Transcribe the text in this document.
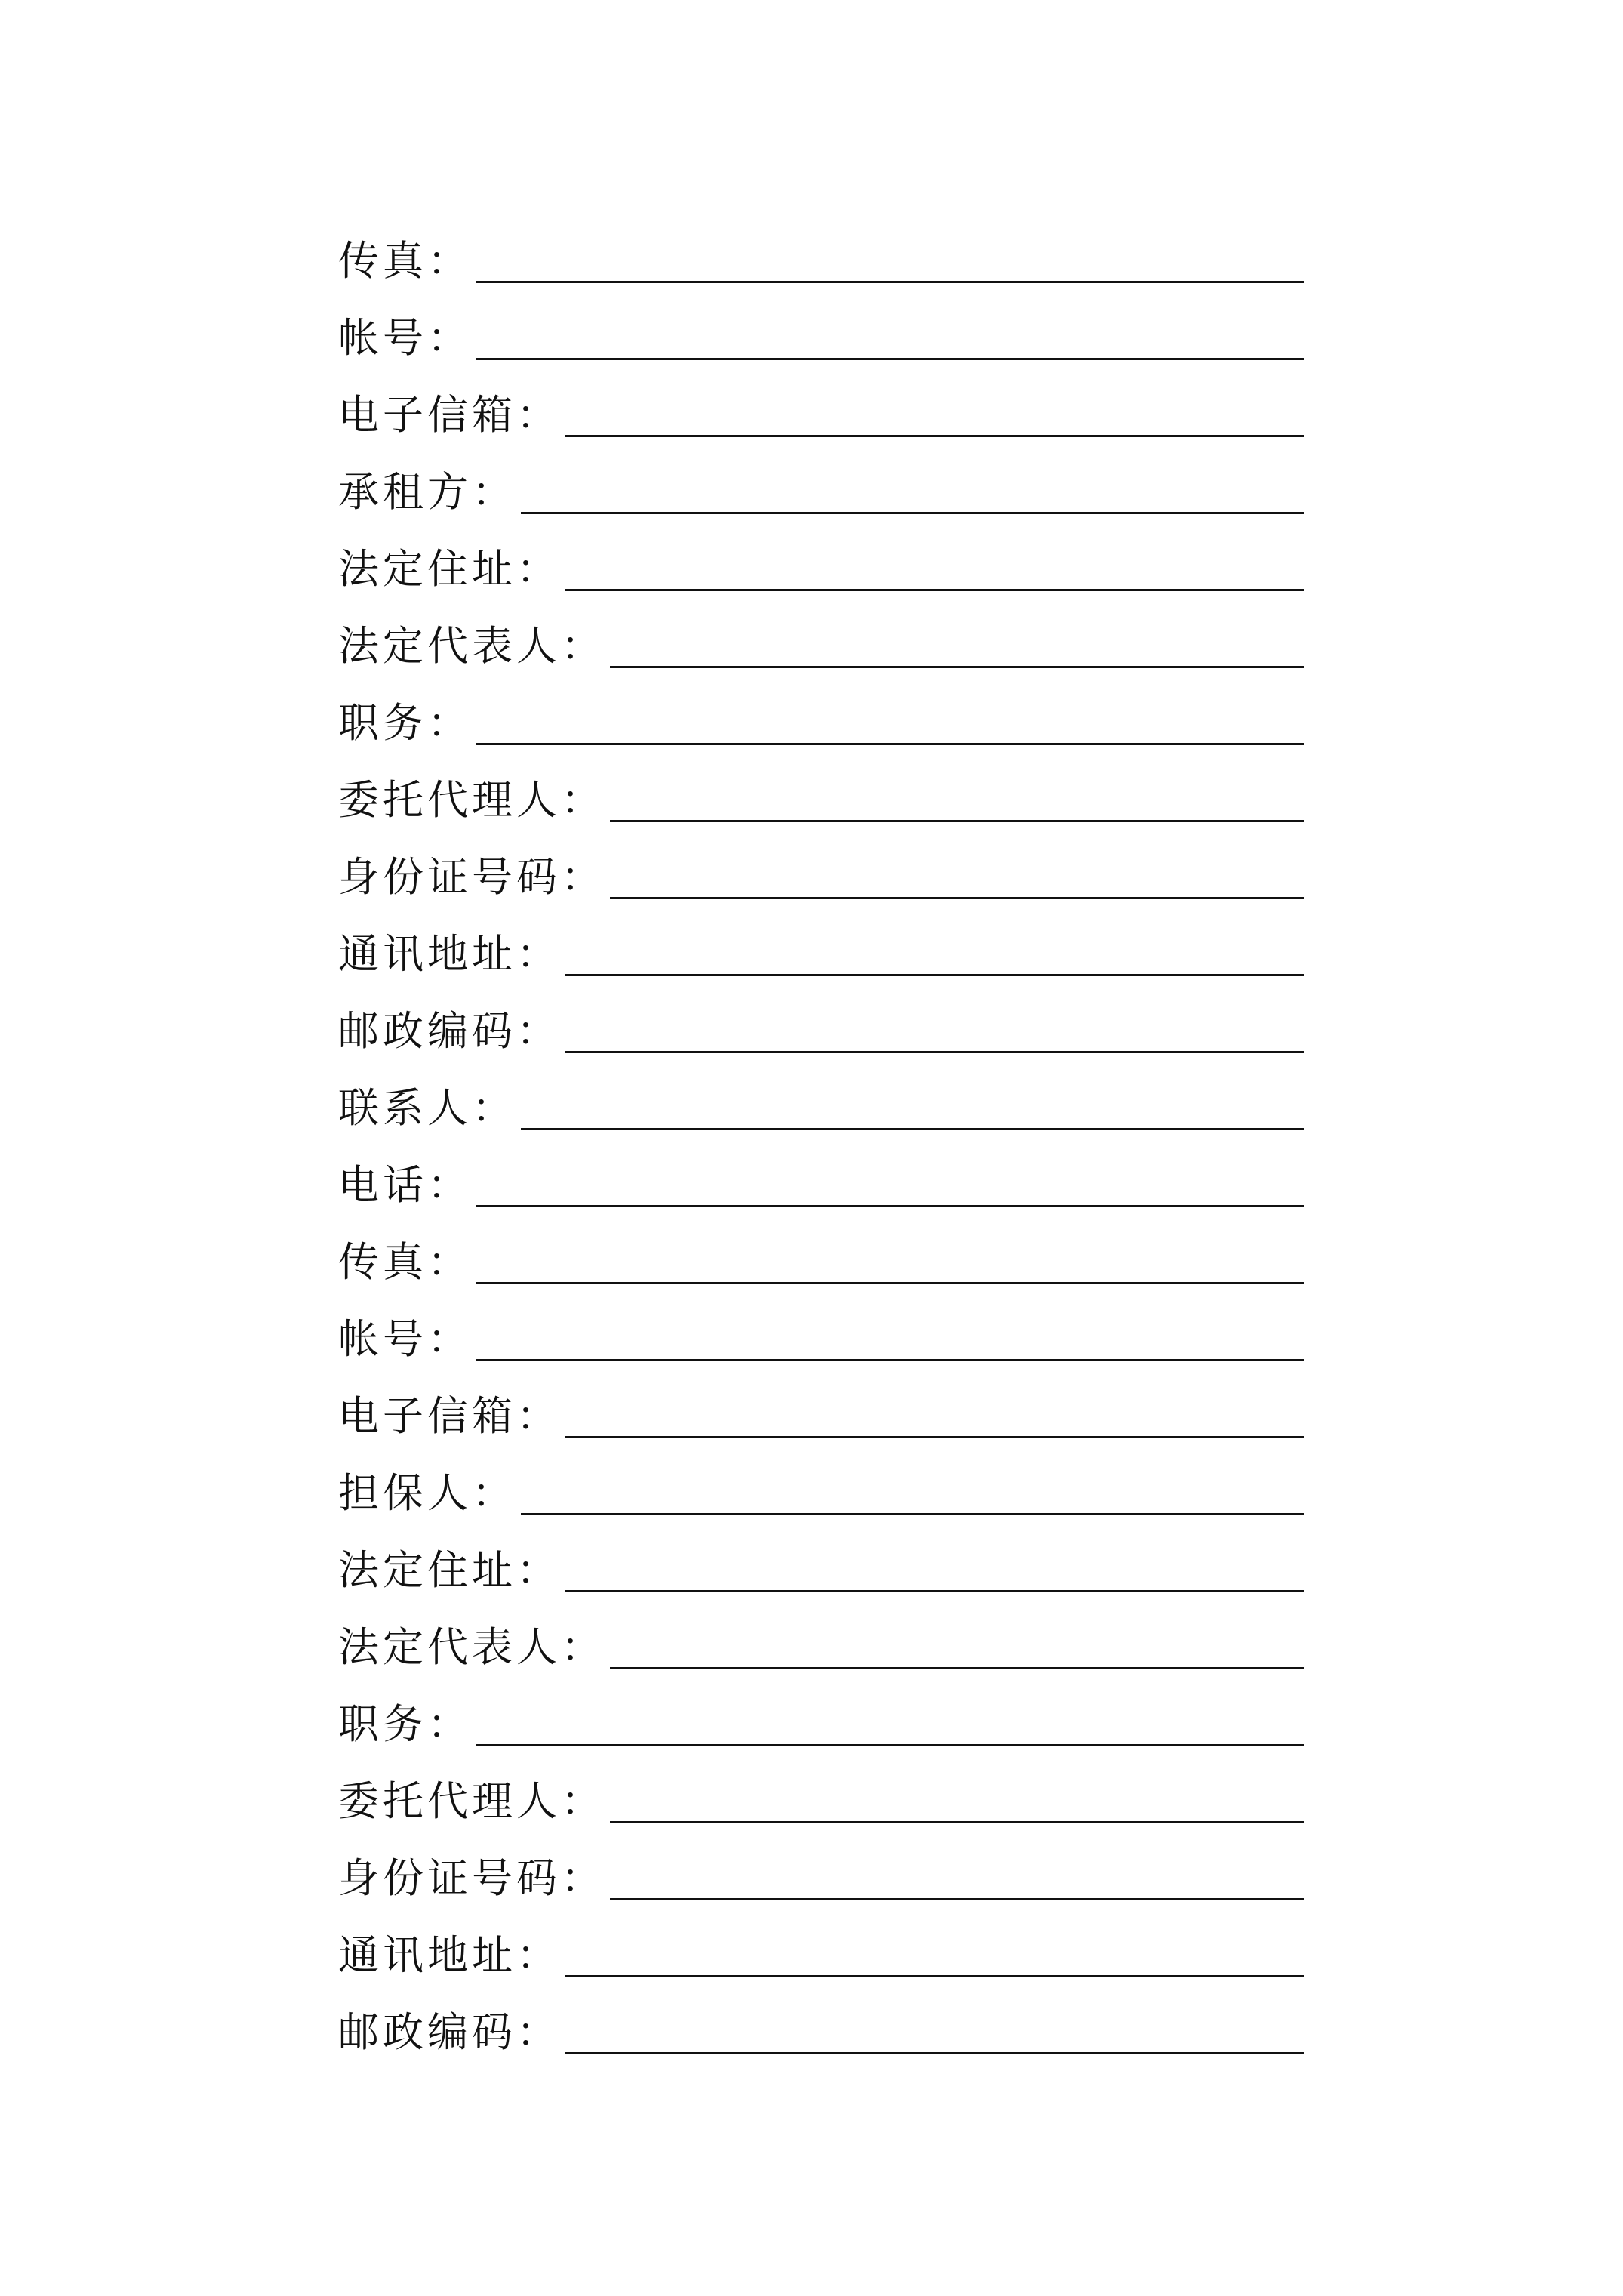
传真：
帐号：
电子信箱：
承租方：
法定住址：
法定代表人：
职务：
委托代理人：
身份证号码：
通讯地址：
邮政编码：
联系人：
电话：
传真：
帐号：
电子信箱：
担保人：
法定住址：
法定代表人：
职务：
委托代理人：
身份证号码：
通讯地址：
邮政编码：
